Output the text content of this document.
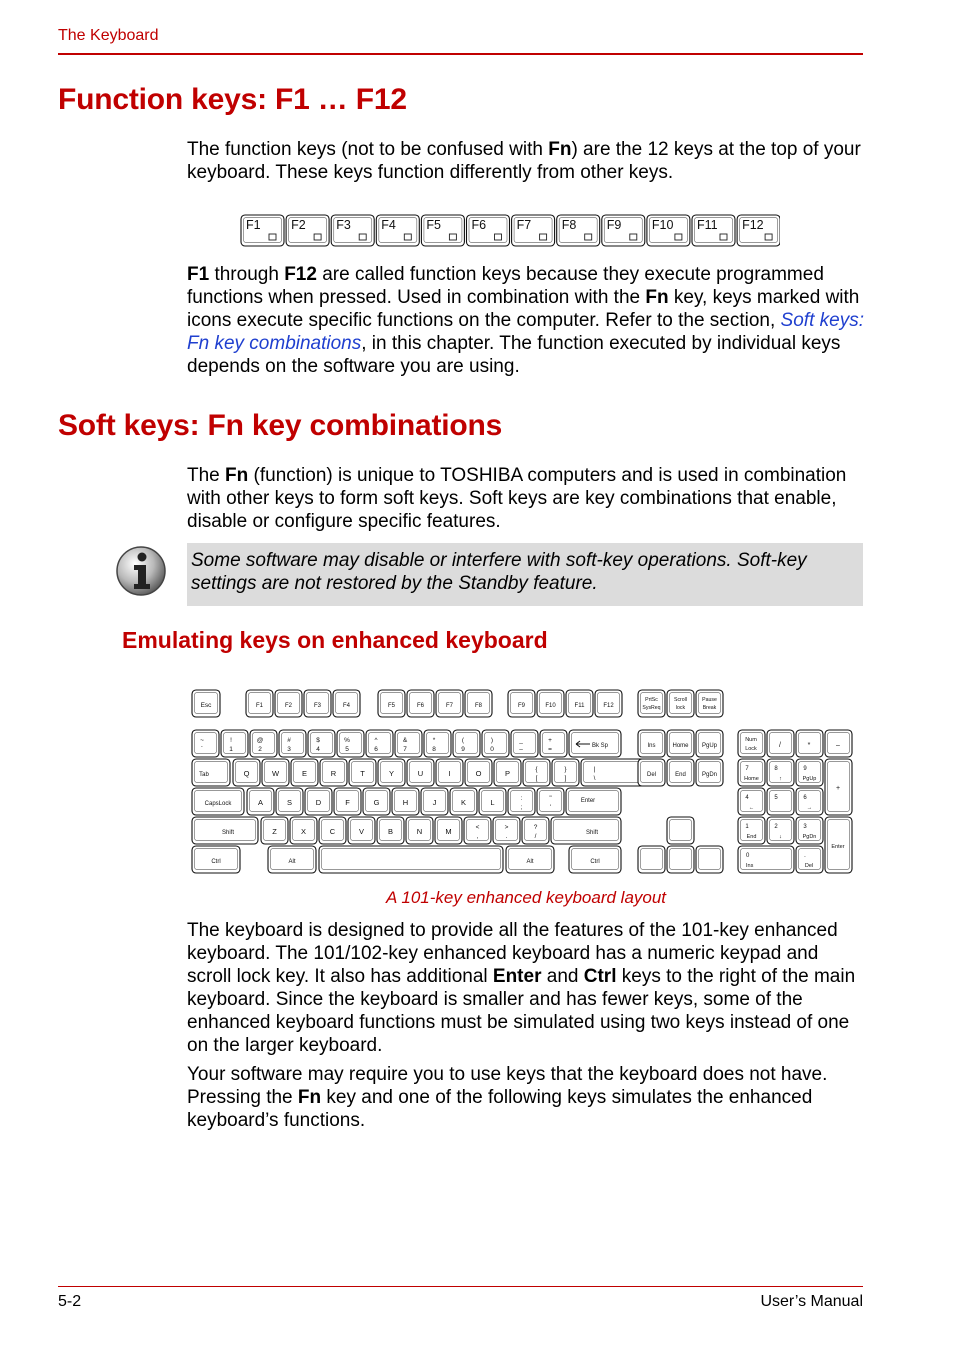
The Keyboard
Function keys: F1 … F12

The function keys (not to be confused with Fn) are the 12 keys at the top of your keyboard. These keys function differently from other keys.

F1 F2 F3 F4 F5 F6 F7 F8 F9 F10 F11 F12

F1 through F12 are called function keys because they execute programmed functions when pressed. Used in combination with the Fn key, keys marked with icons execute specific functions on the computer. Refer to the section, Soft keys: Fn key combinations, in this chapter. The function executed by individual keys depends on the software you are using.

Soft keys: Fn key combinations

The Fn (function) is unique to TOSHIBA computers and is used in combination with other keys to form soft keys. Soft keys are key combinations that enable, disable or configure specific features.

Some software may disable or interfere with soft-key operations. Soft-key settings are not restored by the Standby feature.

Emulating keys on enhanced keyboard
Esc	F1	F2	F3	F4	F5	F6	F7	F8	F9	F10	F11	F12
PrtSc
SysReq
Scroll
lock
Pause
Break
~
`
!
1
@
2
#
3
$
4
%
5
^
6
&
7
*
8
(
9
)
0
_
–
+
=	Bk Sp
Tab	Q	W	E	R	T	Y	U	I	O	P	{
[
}
]
|
\
CapsLock	A	S	D	F	G	H	J	K	L	:
;
"
'
Enter
Shift	Z	X	C	V	B	N	M	<
,
>
.
?
/	Shift
Ctrl	Alt	Alt	Ctrl
Ins	Home PgUp
Del	End	PgDn
Num
Lock	/	*	–
7
Home
8
↑
9
PgUp
4
←
5	6
→
1
End
2
↓
3
PgDn
+
0
Ins
.
Del
Enter
A 101-key enhanced keyboard layout

The keyboard is designed to provide all the features of the 101-key enhanced keyboard. The 101/102-key enhanced keyboard has a numeric keypad and scroll lock key. It also has additional Enter and Ctrl keys to the right of the main keyboard. Since the keyboard is smaller and has fewer keys, some of the enhanced keyboard functions must be simulated using two keys instead of one on the larger keyboard.

Your software may require you to use keys that the keyboard does not have. Pressing the Fn key and one of the following keys simulates the enhanced keyboard’s functions.

5-2	User’s Manual
